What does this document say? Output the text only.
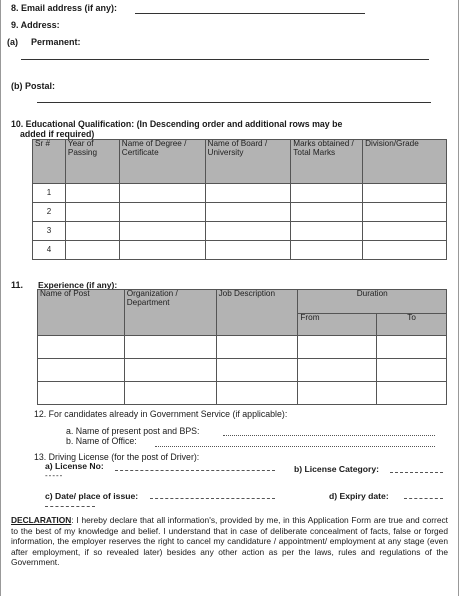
8. Email address (if any):
9. Address:
(a) Permanent:
(b) Postal:
10. Educational Qualification: (In Descending order and additional rows may be
added if required)
Sr #	Year of Passing	Name of Degree / Certificate	Name of Board / University	Marks obtained / Total Marks	Division/Grade
1					
2					
3					
4					
11. Experience (if any):
Name of Post	Organization / Department	Job Description	Duration	
			From	To

12. For candidates already in Government Service (if applicable):
a. Name of present post and BPS:
b. Name of Office:
13. Driving License (for the post of Driver):
a) License No:
-----
b) License Category:
c) Date/ place of issue:	d) Expiry date:
DECLARATION: I hereby declare that all information's, provided by me, in this Application Form are true and correct to the best of my knowledge and belief. I understand that in case of deliberate concealment of facts, false or forged information, the employer reserves the right to cancel my candidature / appointment/ employment at any stage (even after employment, if so revealed later) besides any other action as per the laws, rules and regulations of the Government.
